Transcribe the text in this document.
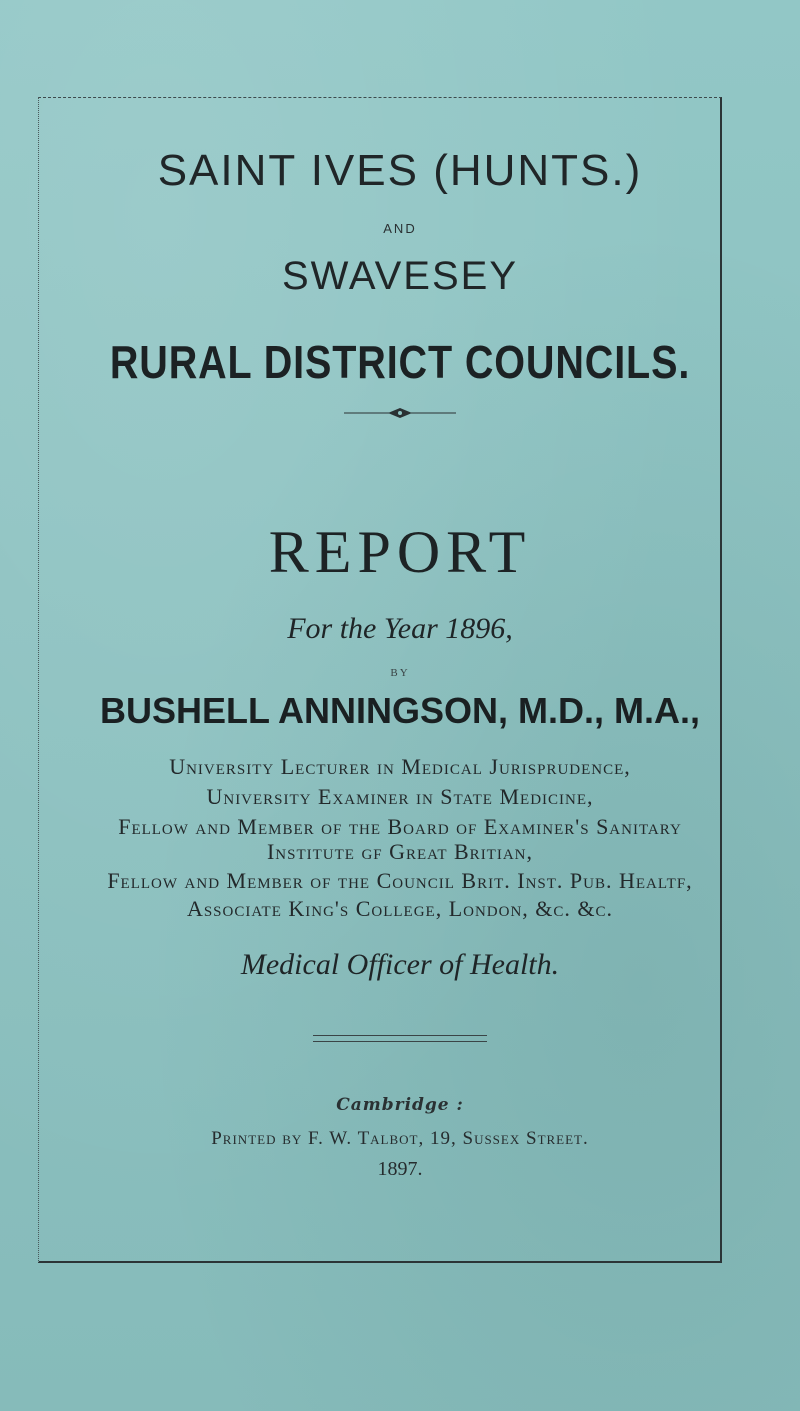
SAINT IVES (HUNTS.)
AND
SWAVESEY
RURAL DISTRICT COUNCILS.
REPORT
For the Year 1896,
BY
BUSHELL ANNINGSON, M.D., M.A.,
University Lecturer in Medical Jurisprudence,
University Examiner in State Medicine,
Fellow and Member of the Board of Examiner's Sanitary
Institute gf Great Britian,
Fellow and Member of the Council Brit. Inst. Pub. Healtf,
Associate King's College, London, &c. &c.
Medical Officer of Health.
Cambridge :
Printed by F. W. Talbot, 19, Sussex Street.
1897.
